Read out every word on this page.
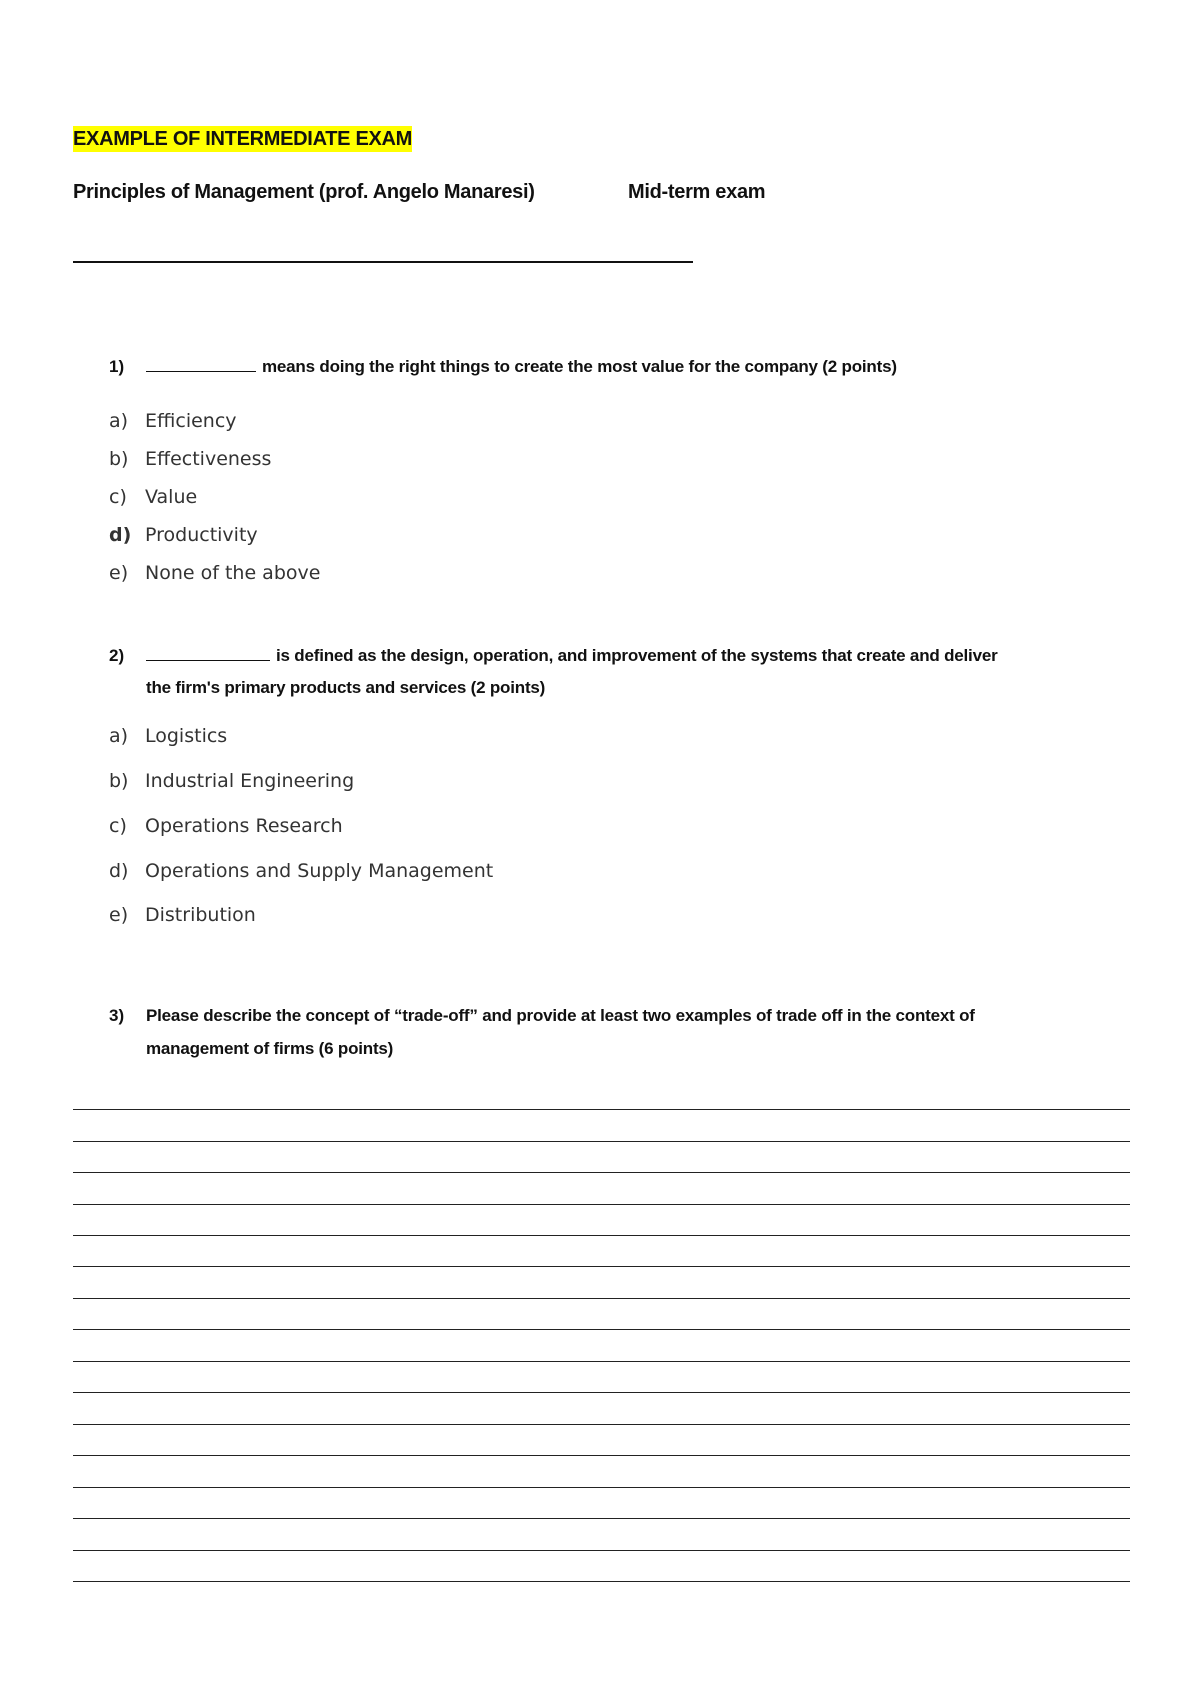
EXAMPLE OF INTERMEDIATE EXAM
Principles of Management (prof. Angelo Manaresi)	Mid-term exam
1)	means doing the right things to create the most value for the company (2 points)
a) Efficiency
b) Effectiveness
c) Value
d) Productivity
e) None of the above
2)	is defined as the design, operation, and improvement of the systems that create and deliver
the firm's primary products and services (2 points)
a) Logistics
b) Industrial Engineering
c) Operations Research
d) Operations and Supply Management
e) Distribution
3)	Please describe the concept of “trade-off” and provide at least two examples of trade off in the context of
management of firms (6 points)
